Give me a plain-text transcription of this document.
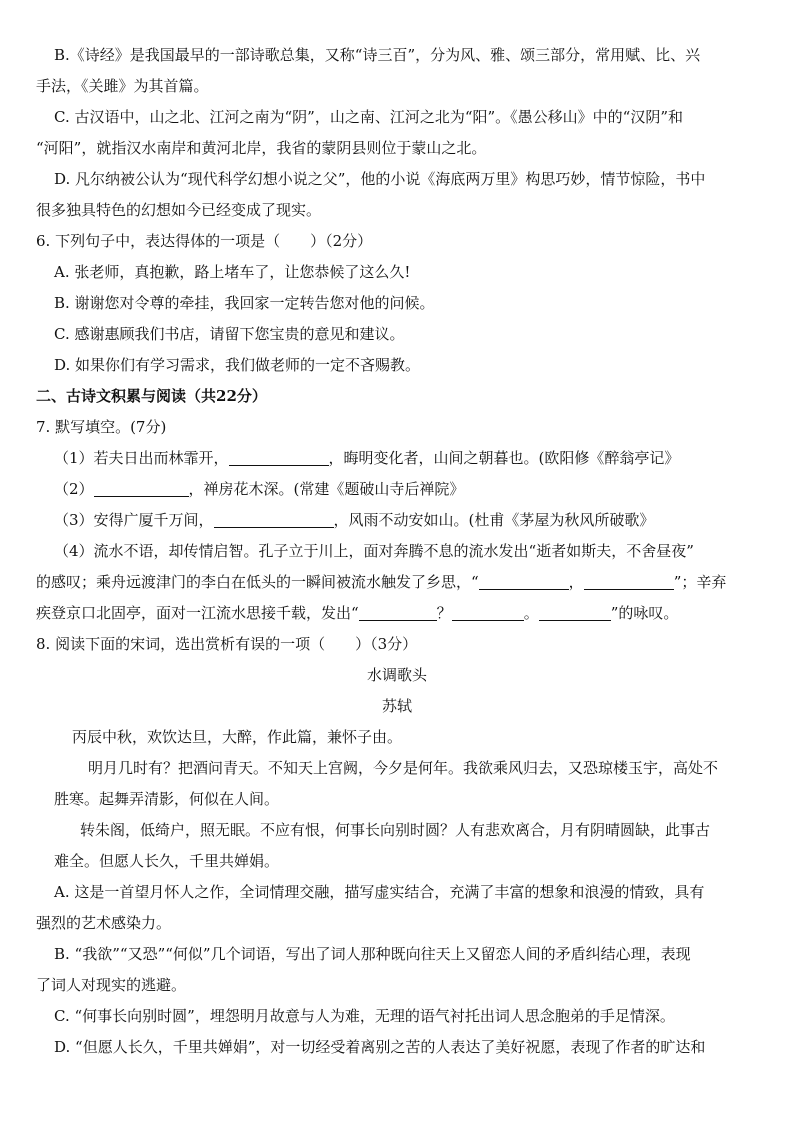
B.《诗经》是我国最早的一部诗歌总集，又称“诗三百”，分为风、雅、颂三部分，常用赋、比、兴
手法，《关雎》为其首篇。
C. 古汉语中，山之北、江河之南为“阴”，山之南、江河之北为“阳”。《愚公移山》中的“汉阴”和
“河阳”，就指汉水南岸和黄河北岸，我省的蒙阴县则位于蒙山之北。
D. 凡尔纳被公认为“现代科学幻想小说之父”，他的小说《海底两万里》构思巧妙，情节惊险，书中
很多独具特色的幻想如今已经变成了现实。
6. 下列句子中，表达得体的一项是（　　）（2分）
A. 张老师，真抱歉，路上堵车了，让您恭候了这么久!
B. 谢谢您对令尊的牵挂，我回家一定转告您对他的问候。
C. 感谢惠顾我们书店，请留下您宝贵的意见和建议。
D. 如果你们有学习需求，我们做老师的一定不吝赐教。
二、古诗文积累与阅读（共22分）
7. 默写填空。(7分)
（1）若夫日出而林霏开，	，晦明变化者，山间之朝暮也。(欧阳修《醉翁亭记》
（2）	，禅房花木深。(常建《题破山寺后禅院》
（3）安得广厦千万间，	，风雨不动安如山。(杜甫《茅屋为秋风所破歌》
（4）流水不语，却传情启智。孔子立于川上，面对奔腾不息的流水发出“逝者如斯夫，不舍昼夜”
的感叹；乘舟远渡津门的李白在低头的一瞬间被流水触发了乡思，“	，	”；辛弃
疾登京口北固亭，面对一江流水思接千载，发出“	？	。	”的咏叹。
8. 阅读下面的宋词，选出赏析有误的一项（　　）（3分）
水调歌头
苏轼
丙辰中秋，欢饮达旦，大醉，作此篇，兼怀子由。
明月几时有？把酒问青天。不知天上宫阙，今夕是何年。我欲乘风归去，又恐琼楼玉宇，高处不
胜寒。起舞弄清影，何似在人间。
转朱阁，低绮户，照无眠。不应有恨，何事长向别时圆？人有悲欢离合，月有阴晴圆缺，此事古
难全。但愿人长久，千里共婵娟。
A. 这是一首望月怀人之作，全词情理交融，描写虚实结合，充满了丰富的想象和浪漫的情致，具有
强烈的艺术感染力。
B. “我欲”“又恐”“何似”几个词语，写出了词人那种既向往天上又留恋人间的矛盾纠结心理，表现
了词人对现实的逃避。
C. “何事长向别时圆”，埋怨明月故意与人为难，无理的语气衬托出词人思念胞弟的手足情深。
D. “但愿人长久，千里共婵娟”，对一切经受着离别之苦的人表达了美好祝愿，表现了作者的旷达和
